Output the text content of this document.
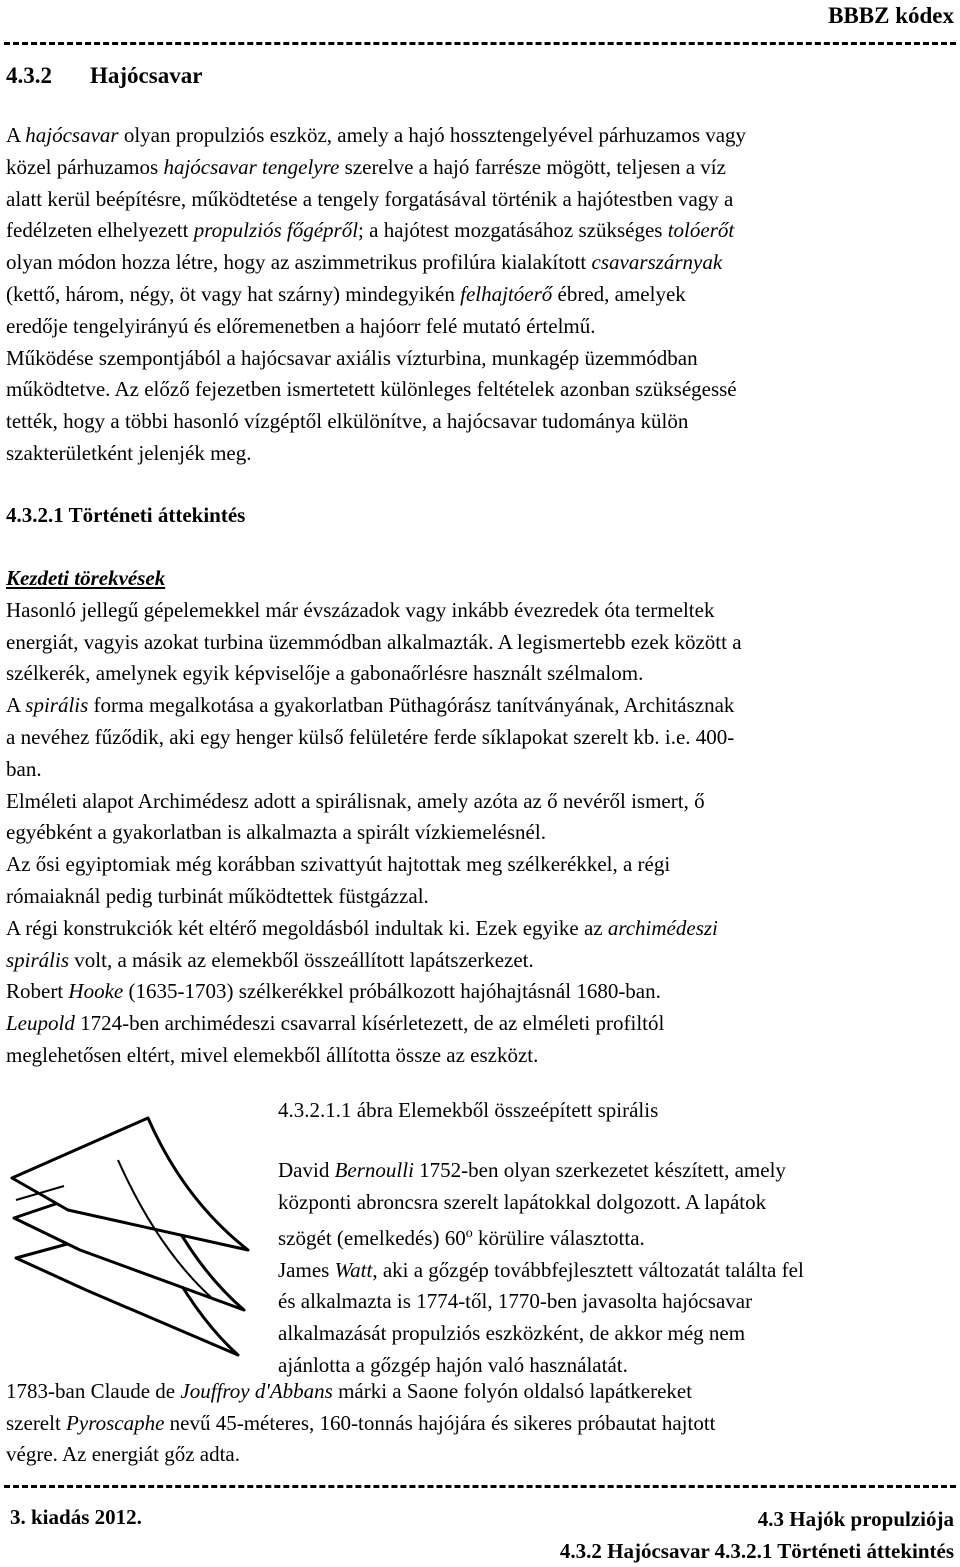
BBBZ kódex
4.3.2 Hajócsavar
A hajócsavar olyan propulziós eszköz, amely a hajó hossztengelyével párhuzamos vagy
közel párhuzamos hajócsavar tengelyre szerelve a hajó farrésze mögött, teljesen a víz
alatt kerül beépítésre, működtetése a tengely forgatásával történik a hajótestben vagy a
fedélzeten elhelyezett propulziós főgépről; a hajótest mozgatásához szükséges tolóerőt
olyan módon hozza létre, hogy az aszimmetrikus profilúra kialakított csavarszárnyak
(kettő, három, négy, öt vagy hat szárny) mindegyikén felhajtóerő ébred, amelyek
eredője tengelyirányú és előremenetben a hajóorr felé mutató értelmű.
Működése szempontjából a hajócsavar axiális vízturbina, munkagép üzemmódban
működtetve. Az előző fejezetben ismertetett különleges feltételek azonban szükségessé
tették, hogy a többi hasonló vízgéptől elkülönítve, a hajócsavar tudománya külön
szakterületként jelenjék meg.
4.3.2.1 Történeti áttekintés
Kezdeti törekvések
Hasonló jellegű gépelemekkel már évszázadok vagy inkább évezredek óta termeltek
energiát, vagyis azokat turbina üzemmódban alkalmazták. A legismertebb ezek között a
szélkerék, amelynek egyik képviselője a gabonaőrlésre használt szélmalom.
A spirális forma megalkotása a gyakorlatban Püthagórász tanítványának, Architásznak
a nevéhez fűződik, aki egy henger külső felületére ferde síklapokat szerelt kb. i.e. 400-
ban.
Elméleti alapot Archimédesz adott a spirálisnak, amely azóta az ő nevéről ismert, ő
egyébként a gyakorlatban is alkalmazta a spirált vízkiemelésnél.
Az ősi egyiptomiak még korábban szivattyút hajtottak meg szélkerékkel, a régi
rómaiaknál pedig turbinát működtettek füstgázzal.
A régi konstrukciók két eltérő megoldásból indultak ki. Ezek egyike az archimédeszi
spirális volt, a másik az elemekből összeállított lapátszerkezet.
Robert Hooke (1635-1703) szélkerékkel próbálkozott hajóhajtásnál 1680-ban.
Leupold 1724-ben archimédeszi csavarral kísérletezett, de az elméleti profiltól
meglehetősen eltért, mivel elemekből állította össze az eszközt.
4.3.2.1.1 ábra Elemekből összeépített spirális
David Bernoulli 1752-ben olyan szerkezetet készített, amely
központi abroncsra szerelt lapátokkal dolgozott. A lapátok
szögét (emelkedés) 60$^o$ körülire választotta.
James Watt, aki a gőzgép továbbfejlesztett változatát találta fel
és alkalmazta is 1774-től, 1770-ben javasolta hajócsavar
alkalmazását propulziós eszközként, de akkor még nem
ajánlotta a gőzgép hajón való használatát.
1783-ban Claude de Jouffroy d'Abbans márki a Saone folyón oldalsó lapátkereket
szerelt Pyroscaphe nevű 45-méteres, 160-tonnás hajójára és sikeres próbautat hajtott
végre. Az energiát gőz adta.
3. kiadás 2012.	4.3 Hajók propulziója
4.3.2 Hajócsavar 4.3.2.1 Történeti áttekintés
